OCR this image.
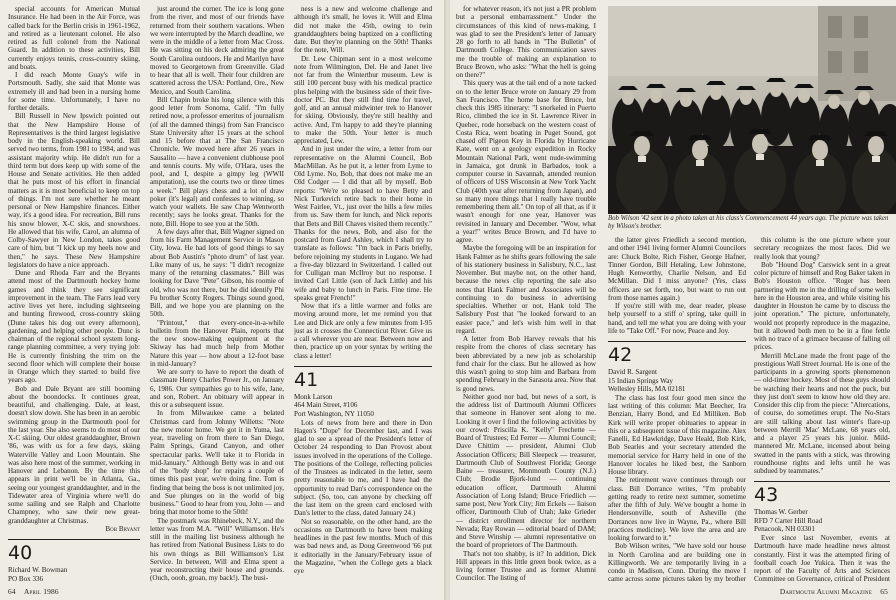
special accounts for American Mutual Insurance. He had been in the Air Force, was called back for the Berlin crisis in 1961-1962, and retired as a lieutenant colonel. He also retired as full colonel from the National Guard. In addition to these activities, Bill currently enjoys tennis, cross-country skiing, and boats.

I did reach Monte Guay's wife in Portsmouth. Sadly, she said that Monte was extremely ill and had been in a nursing home for some time. Unfortunately, I have no further details.

Bill Russell in New Ipswich pointed out that the New Hampshire House of Representatives is the third largest legislative body in the English-speaking world. Bill served two terms, from 1981 to 1984, and was assistant majority whip. He didn't run for a third term but does keep up with some of the House and Senate activities. He then added that he puts most of his effort in financial matters as it is most beneficial to keep on top of things. I'm not sure whether he meant personal or New Hampshire finances. Either way, it's a good idea. For recreation, Bill runs his snow blower, X-C skis, and snowshoes. He allowed that his wife, Carol, an alumna of Colby-Sawyer in New London, takes good care of him, but "I kick up my heels now and then," he says. These New Hampshire legislators do have a nice approach.

Dune and Rhoda Farr and the Bryants attend most of the Dartmouth hockey home games and think they see significant improvement in the team. The Farrs lead very active lives yet here, including sightseeing and hunting firewood, cross-country skiing (Dune takes his dog out every afternoon), gardening, and helping other people. Dunc is chairman of the regional school system long-range planning committee, a very trying job: He is currently finishing the trim on the second floor which will complete their house in Orange which they started to build five years ago.

Bob and Dale Bryant are still booming about the boondocks. It continues great, beautiful, and challenging. Dale, at least, doesn't slow down. She has been in an aerobic swimming group in the Dartmouth pool for the last year. She also seems to do most of our X-C skiing. Our oldest granddaughter, Brown '86, was with us for a few days, skiing Waterville Valley and Loon Mountain. She was also here most of the summer, working in Hanover and Lebanon. By the time this appears in print we'll be in Atlanta, Ga., seeing our youngest granddaughter, and in the Tidewater area of Virginia where we'll do some sailing and see Ralph and Charlotte Champney, who saw their new great-granddaughter at Christmas.

Bob Bryant

40

Richard W. Bowman

PO Box 336

just around the corner. The ice is long gone from the river, and most of our friends have returned from their southern vacations. When we were interrupted by the March deadline, we were in the middle of a letter from Mac Cross. He was sitting on his deck admiring the great South Carolina outdoors. He and Marilyn have moved to Georgetown from Greenville. Glad to hear that all is well. Their four children are scattered across the USA: Portland, Ore., New Mexico, and South Carolina.

Bill Chapin broke his long silence with this good letter from Sonoma, Calif. "I'm fully retired now, a professor emeritus of journalism (of all the damned things) from San Francisco State University after 15 years at the school and 15 before that at The San Francisco Chronicle. We moved here after 26 years in Sausalito — have a convenient clubhouse pool and tennis courts. My wife, O'Hara, uses the pool, and I, despite a gimpy leg (WWII amputation), use the courts two or three times a week." Bill plays chess and a lot of draw poker (it's legal) and confesses to winning, so watch your wallets. He saw Chap Wentworth recently; says he looks great. Thanks for the note, Bill. Hope to see you at the 50th.

A few days after that, Bill Wagner signed on from his Farm Management Service in Mason City, Iowa. He had lots of good things to say about Bob Austin's "photo drum" of last year. Like many of us, he says: "I didn't recognize many of the returning classmates." Bill was looking for Dave "Pete" Gibson, his roomie of old, who was not there, but he did identify Phi Fu brother Scotty Rogers. Things sound good, Bill, and we hope you are planning on the 50th.

"Printout," that every-once-in-a-while bulletin from the Hanover Plain, reports that the new snow-making equipment at the Skiway has had much help from Mother Nature this year — how about a 12-foot base in mid-January?

We are sorry to have to report the death of classmate Henry Charles Power Jr., on January 6, 1986. Our sympathies go to his wife, Jane, and son, Robert. An obituary will appear in this or a subsequent issue.

In from Milwaukee came a belated Christmas card from Johnny Willetts: "Note the new motor home. We got it in Yuma, last year, traveling on from there to San Diego, Palm Springs, Grand Canyon, and other spectacular parks. We'll take it to Florida in mid-January." Although Betty was in and out of the "body shop" for repairs a couple of times this past year, we're doing fine. Tom is finding that being the boss is not unlimited joy, and Sue plunges on in the world of big business." Good to hear from you, John — and bring that motor home to the 50th!

The postmark was Rhinebeck, N.Y., and the letter was from M.A. "Will" Williamson. He's still in the mailing list business although he has retired from National Business Lists to do his own things as Bill Williamson's List Service. In between, Will and Elma spent a year reconstructing their house and grounds. (Ouch, oooh, groan, my back!). The busi-

ness is a new and welcome challenge and although it's small, he loves it. Will and Elma did not make the 45th, owing to twin granddaughters being baptized on a conflicting date. But they're planning on the 50th! Thanks for the note, Will.

Dr. Lew Chipman sent in a most welcome note from Wilmington, Del. He and Janet live not far from the Winterthur museum. Lew is still 100 percent busy with his medical practice plus helping with the business side of their five-doctor PC. But they still find time for travel, golf, and an annual midwinter trek to Hanover for skiing. Obviously, they're still healthy and active. And, I'm happy to add they're planning to make the 50th. Your letter is much appreciated, Lew.

And in just under the wire, a letter from our representative on the Alumni Council, Bob MacMillan. As he put it, a letter from Lyme to Old Lyme. No, Bob, that does not make me an Old Codger — I did that all by myself. Bob reports: "We're so pleased to have Betty and Nick Turkevich retire back to their home in West Fairlee, Vt., just over the hills a few miles from us. Saw them for lunch, and Nick reports that Bets and Bill Chaves visited them recently." Thanks for the news, Bob, and also for the postcard from Gard Ashley, which I shall try to translate as follows: "I'm back in Paris briefly, before rejoining my students in Lugano. We had a five-day blizzard in Switzerland. I called out for Culligan man McIlroy but no response. I invited Carl Little (son of Jack Little) and his wife and baby to lunch in Paris. Fine time. He speaks great French!"

Now that it's a little warmer and folks are moving around more, let me remind you that Lee and Dick are only a few minutes from I-95 just as it crosses the Connecticut River. Give us a call wherever you are near. Between now and then, practice up on your syntax by writing the class a letter!

41

Monk Larson

464 Main Street, #106

Port Washington, NY 11050

Lots of news from here and there in Don Hagen's "Dope" for December last, and I was glad to see a spread of the President's letter of October 24 responding to Dan Provost about issues involved in the operations of the College. The positions of the College, reflecting policies of the Trustees as indicated in the letter, seem pretty reasonable to me, and I have had the opportunity to read Dan's correspondence on the subject. (So, too, can anyone by checking off the last item on the green card enclosed with Dan's letter to the class, dated January 24.)

Not so reasonable, on the other hand, are the occasions on Dartmouth to have been making headlines in the past few months. Much of this was bad news and, as Doug Greenwood '66 put it editorially in the January/February issue of the Magazine, "when the College gets a black eye

64 April 1986

for whatever reason, it's not just a PR problem but a personal embarrassment." Under the circumstances of this kind of news-making, I was glad to see the President's letter of January 28 go forth to all hands in "The Bulletin" of Dartmouth College. This communication saves me the trouble of making an explanation to Bruce Brown, who asks: "What the hell is going on there?"

This query was at the tail end of a note tacked on to the letter Bruce wrote on January 29 from San Francisco. The home base for Bruce, but check this 1985 itinerary: "I snorkeled in Puerto Rico, climbed the ice in St. Lawrence River in Quebec, rode horseback on the western coast of Costa Rica, went boating in Puget Sound, got chased off Pigeon Key in Florida by Hurricane Kate, went on a geology expedition in Rocky Mountain National Park, went nude-swimming in Jamaica, got drunk in Barbados, took a computer course in Savannah, attended reunion of officers of USS Wisconsin at New York Yacht Club (40th year after returning from Japan), and so many more things that I really have trouble remembering them all." On top of all that, as if it wasn't enough for one year, Hanover was revisited in January and December. "Wow, what a year!" writes Bruce Brown, and I'd have to agree.

Maybe the foregoing will be an inspiration for Hank Falmer as he shifts gears following the sale of his stationery business in Salisbury, N.C., last November. But maybe not, on the other hand, because the news clip reporting the sale also notes that Hank Falmer and Associates will be continuing to do business in advertising specialties. Whether or not, Hank told The Salisbury Post that "he looked forward to an easier pace," and let's wish him well in that regard.

A letter from Bob Harvey reveals that his respite from the chores of class secretary has been abbreviated by a new job as scholarship fund chair for the class. But he allowed as how this wasn't going to stop him and Barbara from spending February in the Sarasota area. Now that is good news.

Neither good nor bad, but news of a sort, is the address list of Dartmouth Alumni Officers that someone in Hanover sent along to me. Looking it over I find the following activities by our crowd: Priscilla K. "Kelly" Frechette — Board of Trustees; Ed Ferrer — Alumni Council; Dave Chittim — president, Alumni Club Association Officers; Bill Sleepeck — treasurer, Dartmouth Club of Southwest Florida; George Baine — treasurer, Monmouth County (N.J.) Club; Brodie Bjork-lund — continuing education officer, Dartmouth Alumni Association of Long Island; Bruce Friedlich — same post, New York City; Jim Eckels — liaison officer, Dartmouth Club of Utah; Jake Grieder — district enrollment director for northern Nevada; Ray Rowan — editorial board of DAM; and Steve Winship — alumni representative on the board of proprietors of The Dartmouth.

That's not too shabby, is it? In addition, Dick Hill appears in this little green book twice, as a living former Trustee and as former Alumni Councilor. The listing of

Bob Wilson '42 sent in a photo taken at his class's Commencement 44 years ago. The picture was taken by Wilson's brother.

the latter gives Friedlich a second mention, and other 1941 living former Alumni Councilors are: Chuck Bolte, Rich Fisher, George Hafner, Tinner Gordon, Bill Hetaling, Lew Johnstone, Hugh Kenworthy, Charlie Nelson, and Ed McMillan. Did I miss anyone? (Yes, class officers are set forth, too, but want to run out from those names again.)

If you're still with me, dear reader, please help yourself to a stiff o' spring, take quill in hand, and tell me what you are doing with your life to "Take Off." For now, Peace and Joy.

42

David R. Sargent

15 Indian Springs Way

Wellesley Hills, MA 02181

The class has lost four good men since the last writing of this column: Mat Beecher, Ira Benzian, Harry Bond, and Ed Milliken. Bob Kirk will write proper obituaries to appear in this or a subsequent issue of this magazine. Alex Fanelli, Ed Hawkridge, Dave Heald, Bob Kirk, Bob Searles and your secretary attended the memorial service for Harry held in one of the Hanover locales he liked best, the Sanborn House library.

The retirement wave continues through our class. Bill Dorrance writes, "I'm probably getting ready to retire next summer, sometime after the fifth of July. We've bought a home in Hendersonville, south of Asheville (the Dorrances now live in Wayne, Pa., where Bill practices medicine). We love the area and are looking forward to it."

Bob Wilson writes, "We have sold our house in North Carolina and are building one in Killingworth. We are temporarily living in a condo in Madison, Conn. During the move I came across some pictures taken by my brother

this column is the one picture where your secretary recognizes the most faces. Did we really look that young?

Bob "Hound Dog" Carswick sent in a great color picture of himself and Rog Baker taken in Bob's Houston office. "Roger has been partnering with me in the drilling of some wells here in the Houston area, and while visiting his daughter in Houston he came by to discuss the joint operation." The picture, unfortunately, would not properly reproduce in the magazine, but it allowed both men to be in a fine fettle with no trace of a grimace because of falling oil prices.

Merrill McLane made the front page of the prestigious Wall Street Journal. He is one of the participants in a growing sports phenomenon — old-timer hockey. Most of these guys should be watching their hearts and not the puck, but they just don't seem to know how old they are. Consider this clip from the piece: "Altercations, of course, do sometimes erupt. The No-Stars are still talking about last winter's flare-up between Merrill 'Mac' McLane, 68 years old, and a player 25 years his junior. Mild-mannered Mr. McLane, incensed about being swatted in the pants with a stick, was throwing roundhouse rights and lefts until he was subdued by teammates."

43

Thomas W. Gerber

RFD 7 Carter Hill Road

Penacook, NH 03301

Ever since last November, events at Dartmouth have made headline news almost constantly. First it was the attempted firing of football coach Joe Yukica. Then it was the report of the Faculty of Arts and Sciences Committee on Governance, critical of President

Dartmouth Alumni Magazine 65
